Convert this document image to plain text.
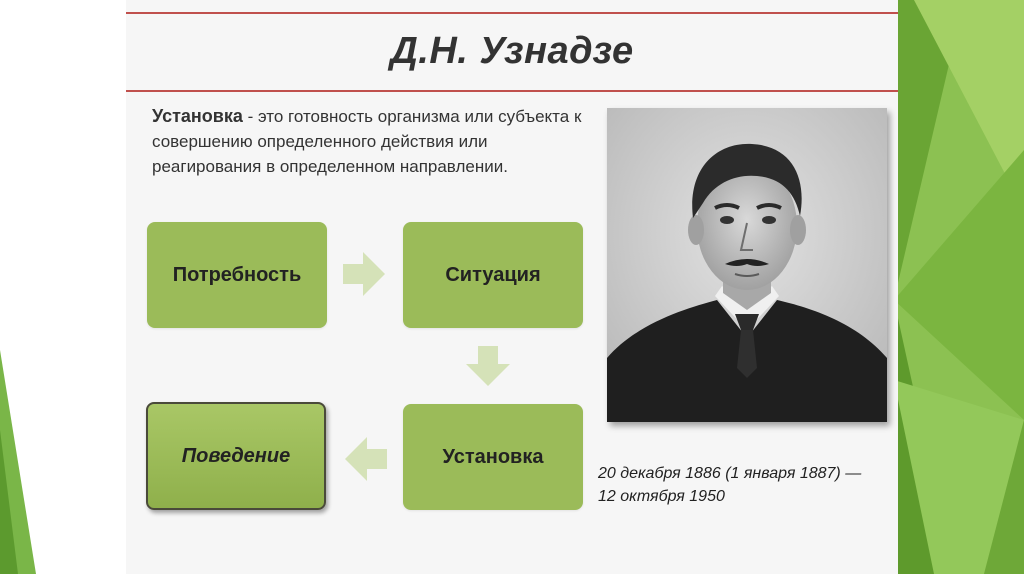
Д.Н. Узнадзе
Установка - это готовность организма или субъекта к совершению определенного действия или реагирования в определенном направлении.
Потребность	Ситуация
Установка
Поведение
20 декабря 1886 (1 января 1887) —
12 октября 1950
